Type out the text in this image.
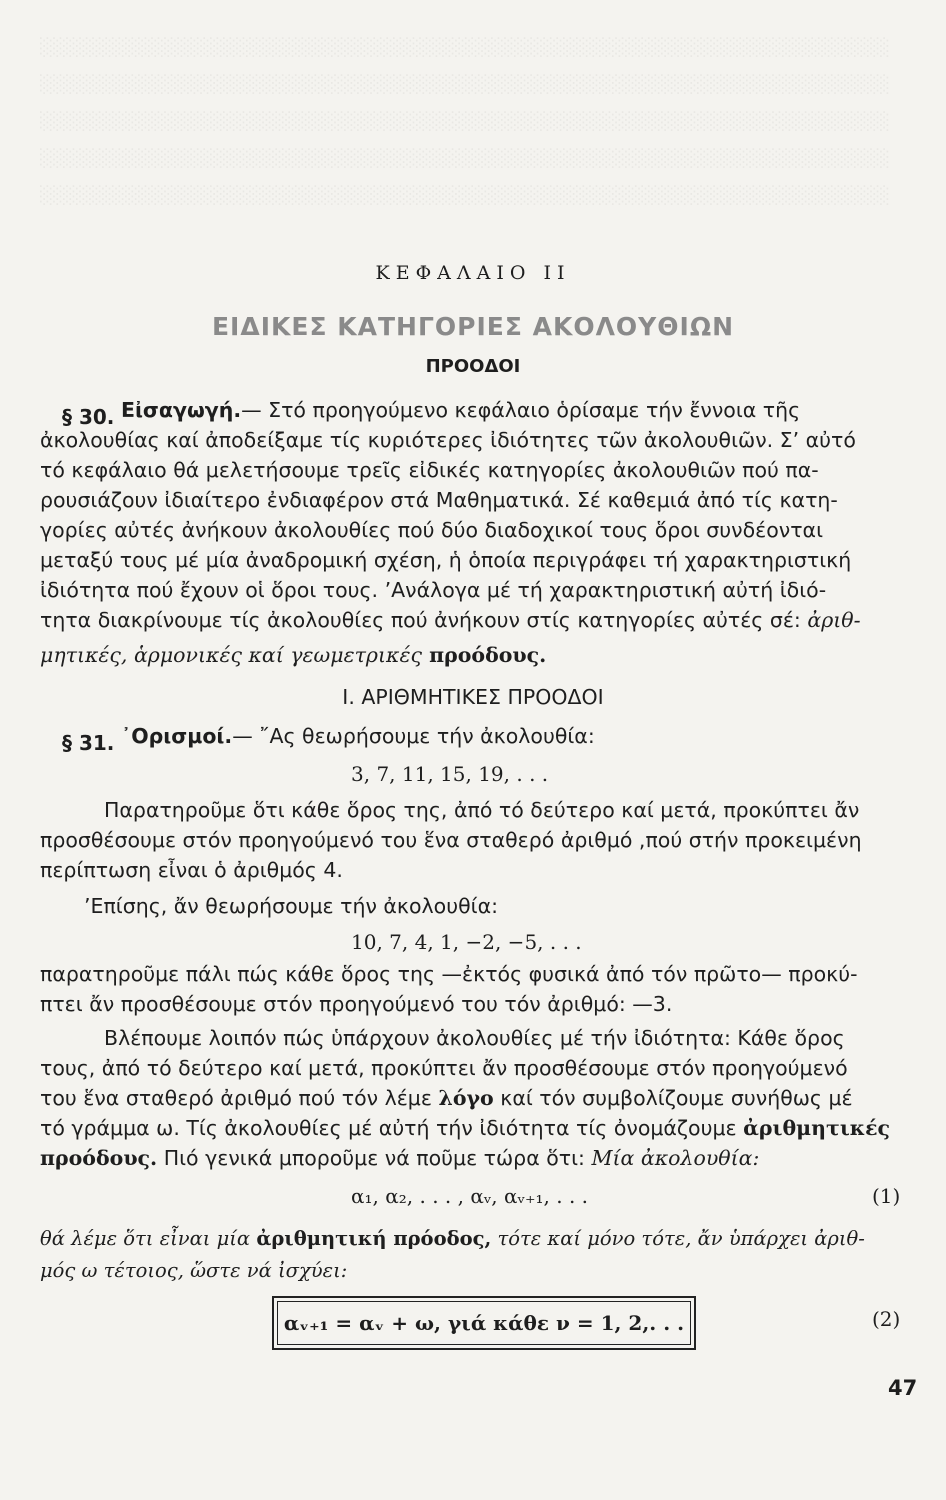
░░░░░░░░░░░░░░░░░░░░░░░░░░░░░░░░░░░░░░░░░░░░░░░░░░░░░░░░░░░░░░░░░
░░░░░░░░░░░░░░░░░░░░░░░░░░░░░░░░░░░░░░░░░░░░░░░░░░░░░░░░░░░░░░░░░
░░░░░░░░░░░░░░░░░░░░░░░░░░░░░░░░░░░░░░░░░░░░░░░░░░░░░░░░░░░░░░░░░
░░░░░░░░░░░░░░░░░░░░░░░░░░░░░░░░░░░░░░░░░░░░░░░░░░░░░░░░░░░░░░░░░
░░░░░░░░░░░░░░░░░░░░░░░░░░░░░░░░░░░░░░░░░░░░░░░░░░░░░░░░░░░░░░░░░
ΚΕΦΑΛΑΙΟ II
ΕΙΔΙΚΕΣ ΚΑΤΗΓΟΡΙΕΣ ΑΚΟΛΟΥΘΙΩΝ
ΠΡΟΟΔΟΙ
§ 30. Εἰσαγωγή.— Στό προηγούμενο κεφάλαιο ὁρίσαμε τήν ἔννοια τῆς
ἀκολουθίας καί ἀποδείξαμε τίς κυριότερες ἰδιότητες τῶν ἀκολουθιῶν. Σ’ αὐτό
τό κεφάλαιο θά μελετήσουμε τρεῖς εἰδικές κατηγορίες ἀκολουθιῶν πού πα-
ρουσιάζουν ἰδιαίτερο ἐνδιαφέρον στά Μαθηματικά. Σέ καθεμιά ἀπό τίς κατη-
γορίες αὐτές ἀνήκουν ἀκολουθίες πού δύο διαδοχικοί τους ὅροι συνδέονται
μεταξύ τους μέ μία ἀναδρομική σχέση, ἡ ὁποία περιγράφει τή χαρακτηριστική
ἰδιότητα πού ἔχουν οἱ ὅροι τους. ’Ανάλογα μέ τή χαρακτηριστική αὐτή ἰδιό-
τητα διακρίνουμε τίς ἀκολουθίες πού ἀνήκουν στίς κατηγορίες αὐτές σέ: ἀριθ-
μητικές, ἁρμονικές καί γεωμετρικές προόδους.
Ι. ΑΡΙΘΜΗΤΙΚΕΣ ΠΡΟΟΔΟΙ
§ 31. ᾿Ορισμοί.— ῎Ας θεωρήσουμε τήν ἀκολουθία:
3, 7, 11, 15, 19, . . .
Παρατηροῦμε ὅτι κάθε ὅρος της, ἀπό τό δεύτερο καί μετά, προκύπτει ἄν
προσθέσουμε στόν προηγούμενό του ἕνα σταθερό ἀριθμό ,πού στήν προκειμένη
περίπτωση εἶναι ὁ ἀριθμός 4.
’Επίσης, ἄν θεωρήσουμε τήν ἀκολουθία:
10, 7, 4, 1, −2, −5, . . .
παρατηροῦμε πάλι πώς κάθε ὅρος της —ἐκτός φυσικά ἀπό τόν πρῶτο— προκύ-
πτει ἄν προσθέσουμε στόν προηγούμενό του τόν ἀριθμό: —3.
Βλέπουμε λοιπόν πώς ὑπάρχουν ἀκολουθίες μέ τήν ἰδιότητα: Κάθε ὅρος
τους, ἀπό τό δεύτερο καί μετά, προκύπτει ἄν προσθέσουμε στόν προηγούμενό
του ἕνα σταθερό ἀριθμό πού τόν λέμε λόγο καί τόν συμβολίζουμε συνήθως μέ
τό γράμμα ω. Τίς ἀκολουθίες μέ αὐτή τήν ἰδιότητα τίς ὀνομάζουμε ἀριθμητικές
προόδους. Πιό γενικά μποροῦμε νά ποῦμε τώρα ὅτι: Μία ἀκολουθία:
α₁, α₂, . . . , αᵥ, αᵥ₊₁, . . .	(1)
θά λέμε ὅτι εἶναι μία ἀριθμητική πρόοδος, τότε καί μόνο τότε, ἄν ὑπάρχει ἀριθ-
μός ω τέτοιος, ὥστε νά ἰσχύει:
αᵥ₊₁ = αᵥ + ω, γιά κάθε ν = 1, 2,. . .	(2)
47
